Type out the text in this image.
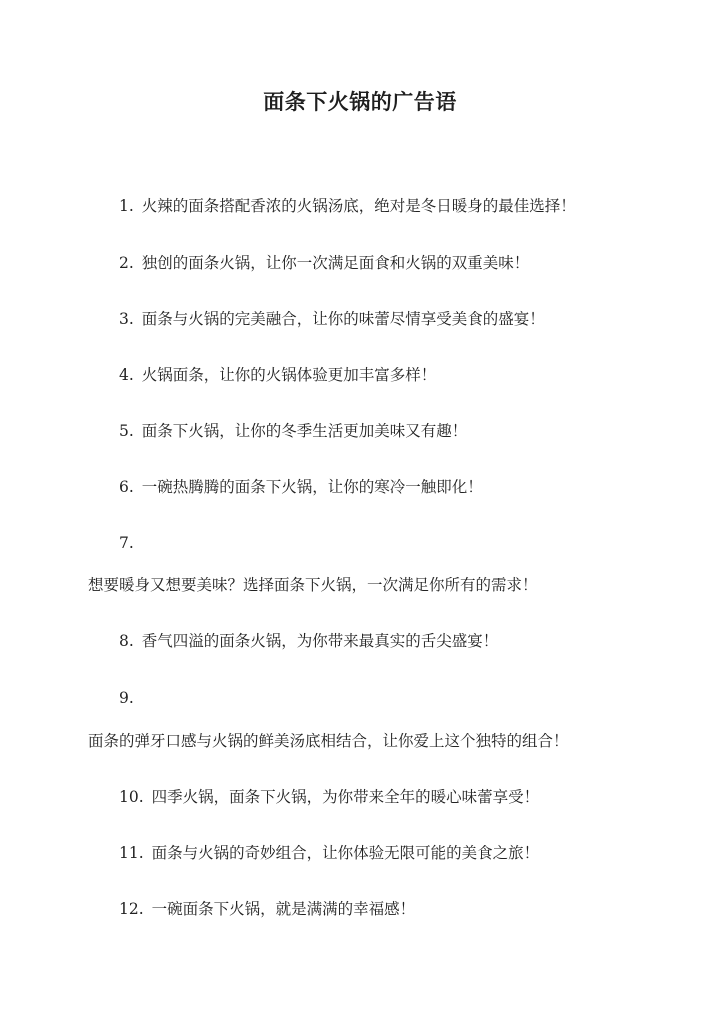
面条下火锅的广告语
1. 火辣的面条搭配香浓的火锅汤底，绝对是冬日暖身的最佳选择！
2. 独创的面条火锅，让你一次满足面食和火锅的双重美味！
3. 面条与火锅的完美融合，让你的味蕾尽情享受美食的盛宴！
4. 火锅面条，让你的火锅体验更加丰富多样！
5. 面条下火锅，让你的冬季生活更加美味又有趣！
6. 一碗热腾腾的面条下火锅，让你的寒冷一触即化！
7.
想要暖身又想要美味？选择面条下火锅，一次满足你所有的需求！
8. 香气四溢的面条火锅，为你带来最真实的舌尖盛宴！
9.
面条的弹牙口感与火锅的鲜美汤底相结合，让你爱上这个独特的组合！
10. 四季火锅，面条下火锅，为你带来全年的暖心味蕾享受！
11. 面条与火锅的奇妙组合，让你体验无限可能的美食之旅！
12. 一碗面条下火锅，就是满满的幸福感！
